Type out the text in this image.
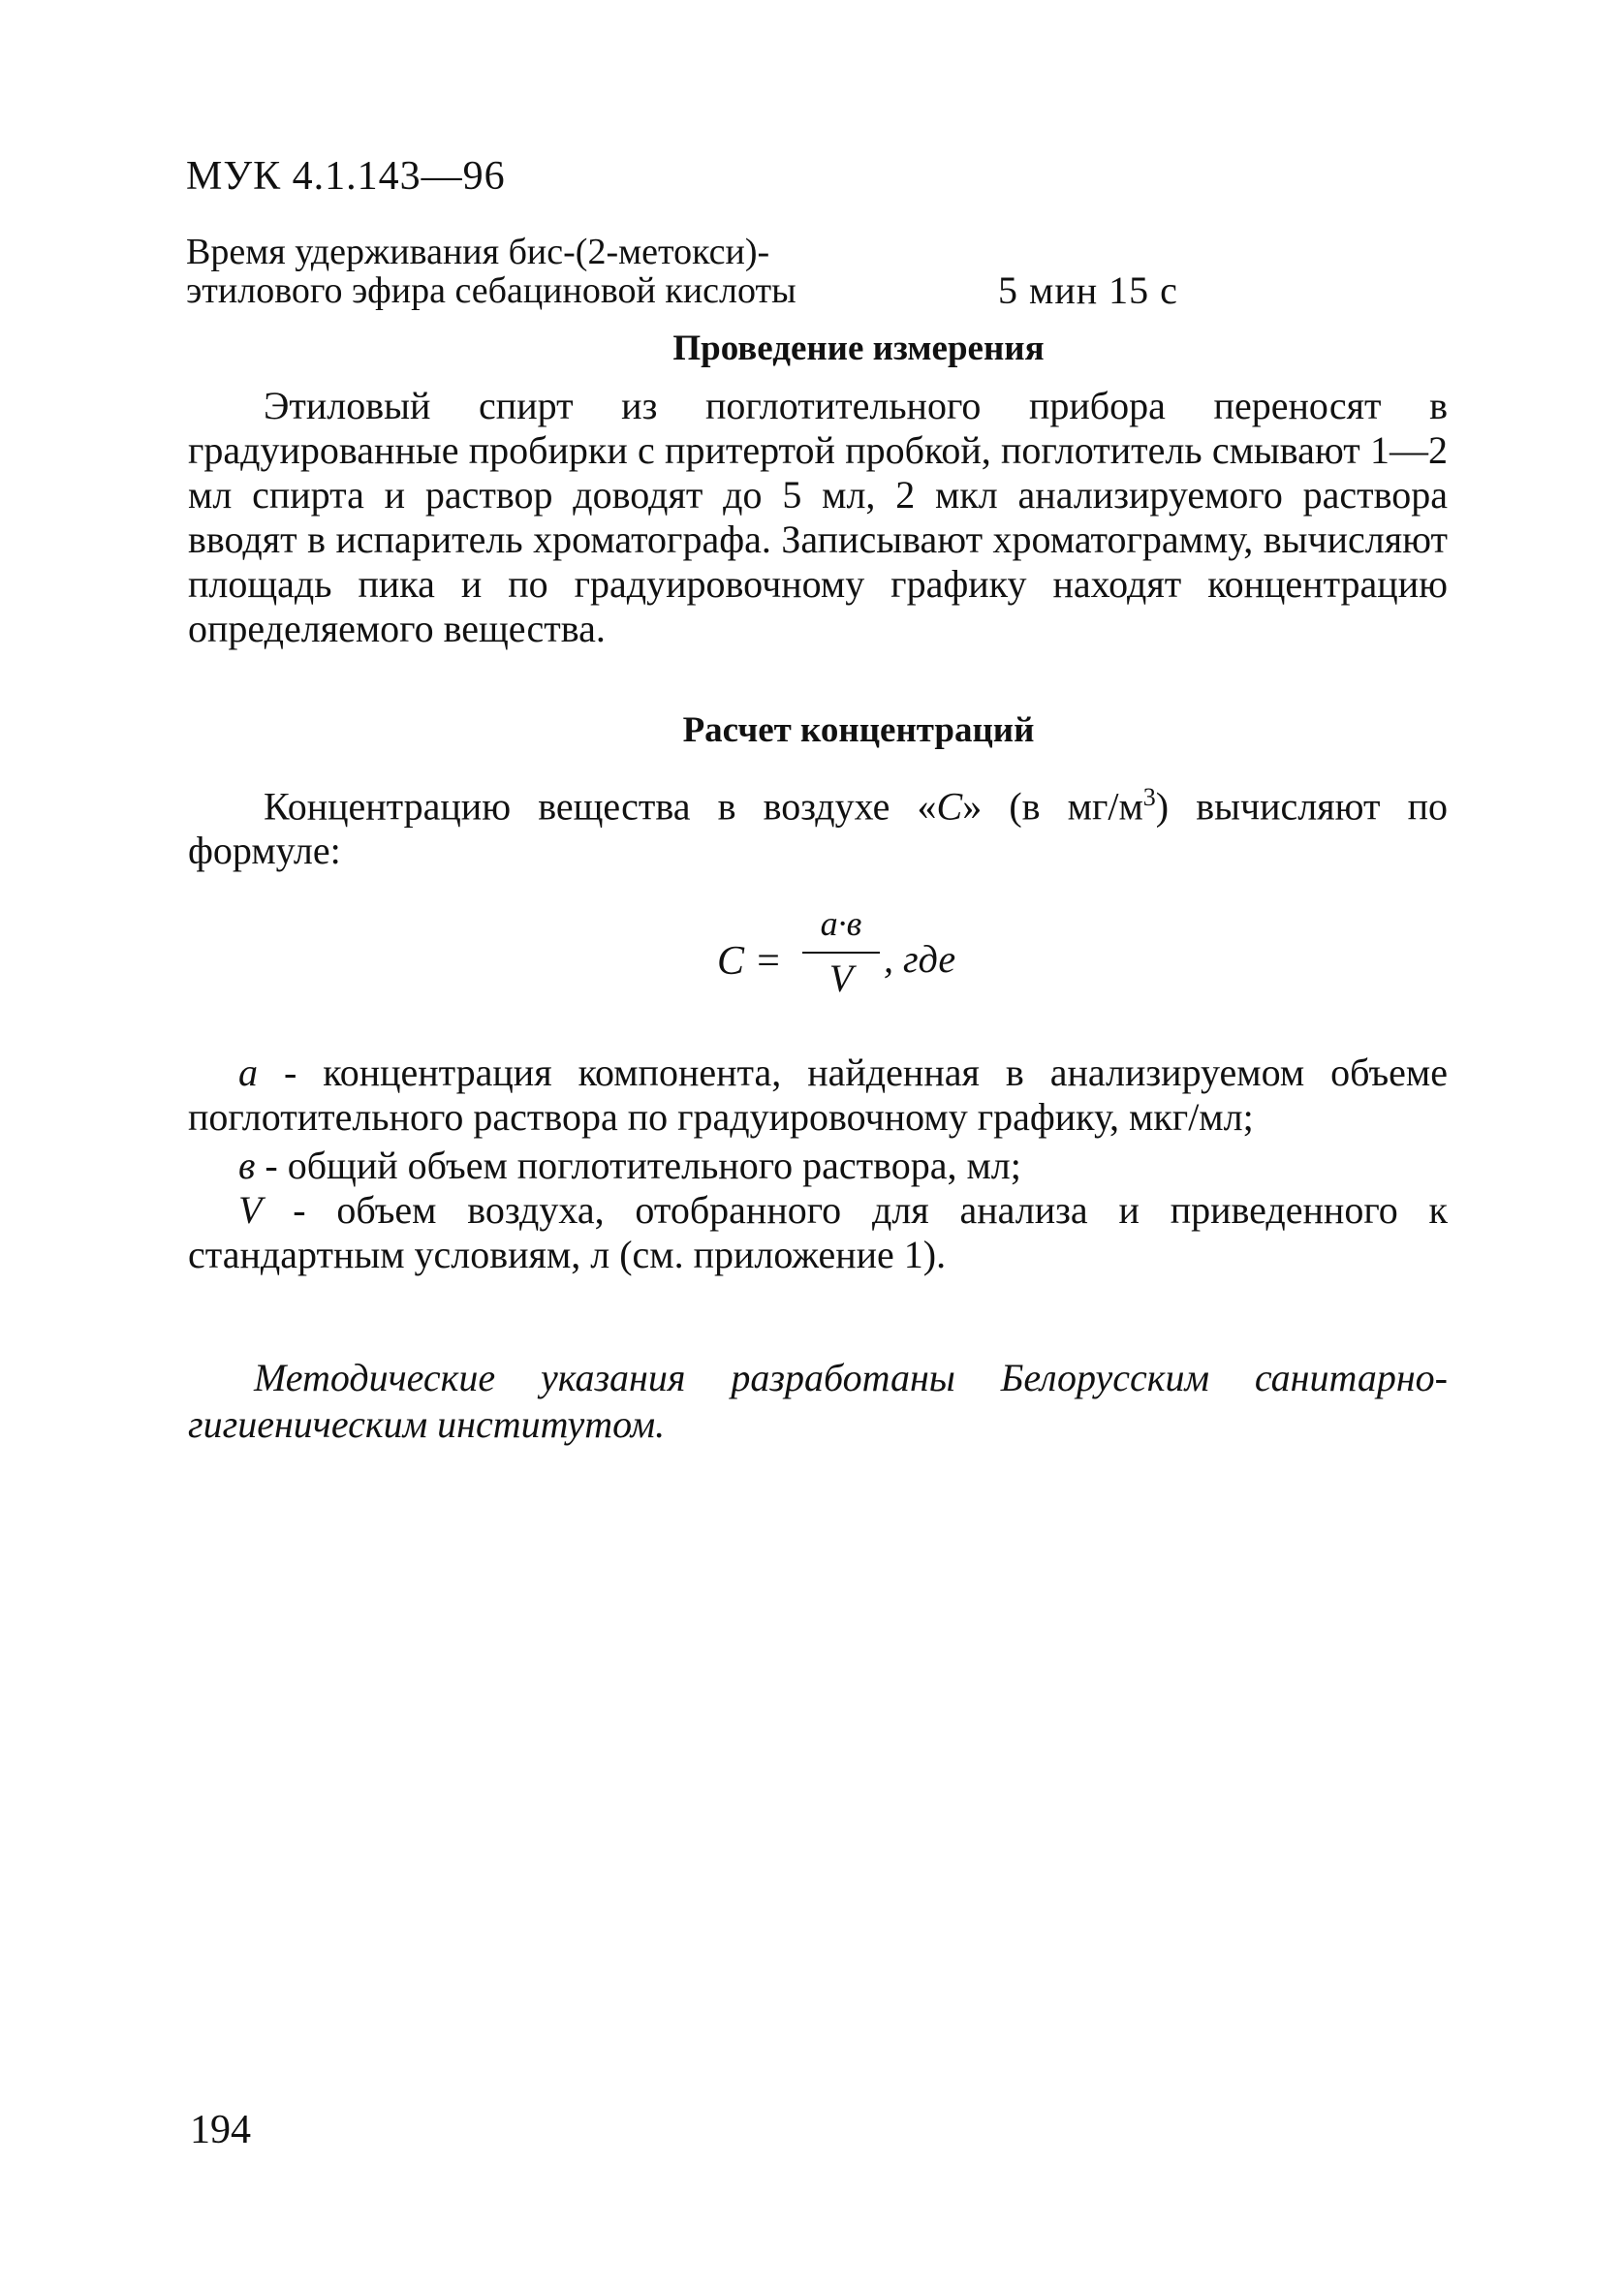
МУК 4.1.143—96
Время удерживания бис-(2-метокси)-
этилового эфира себациновой кислоты	5 мин 15 с
Проведение измерения

Этиловый спирт из поглотительного прибора переносят в градуированные пробирки с притертой пробкой, поглотитель смывают 1—2 мл спирта и раствор доводят до 5 мл, 2 мкл анализируемого раствора вводят в испаритель хроматографа. Записывают хроматограмму, вычисляют площадь пика и по градуировочному графику находят концентрацию определяемого вещества.

Расчет концентраций

Концентрацию вещества в воздухе «С» (в $мг/м^3$) вычисляют по формуле:

С =
а·в
V , где

а - концентрация компонента, найденная в анализируемом объеме поглотительного раствора по градуировочному графику, мкг/мл;

в - общий объем поглотительного раствора, мл;

V - объем воздуха, отобранного для анализа и приведенного к стандартным условиям, л (см. приложение 1).

Методические указания разработаны Белорусским санитарно-гигиеническим институтом.

194
